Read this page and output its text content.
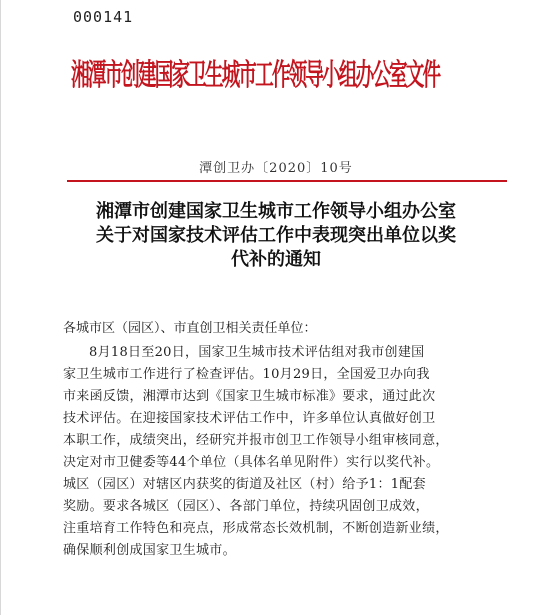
000141
湘潭市创建国家卫生城市工作领导小组办公室文件
潭创卫办〔2020〕10号
湘潭市创建国家卫生城市工作领导小组办公室
关于对国家技术评估工作中表现突出单位以奖
代补的通知
各城市区（园区）、市直创卫相关责任单位：
8月18日至20日，国家卫生城市技术评估组对我市创建国
家卫生城市工作进行了检查评估。10月29日，全国爱卫办向我
市来函反馈，湘潭市达到《国家卫生城市标准》要求，通过此次
技术评估。在迎接国家技术评估工作中，许多单位认真做好创卫
本职工作，成绩突出，经研究并报市创卫工作领导小组审核同意，
决定对市卫健委等44个单位（具体名单见附件）实行以奖代补。
城区（园区）对辖区内获奖的街道及社区（村）给予1：1配套
奖励。要求各城区（园区）、各部门单位，持续巩固创卫成效，
注重培育工作特色和亮点，形成常态长效机制，不断创造新业绩，
确保顺利创成国家卫生城市。
